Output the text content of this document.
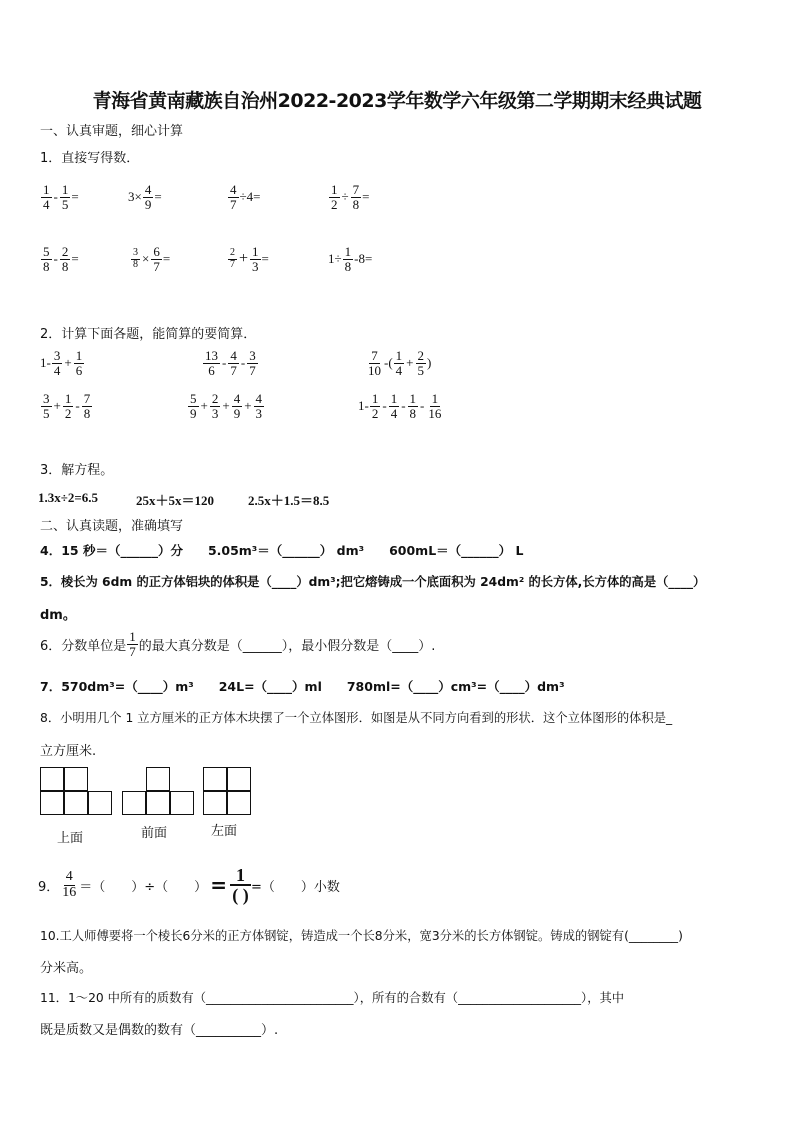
青海省黄南藏族自治州2022-2023学年数学六年级第二学期期末经典试题
一、认真审题，细心计算
1．直接写得数．
$\frac{1}{4} - \frac{1}{5}$ =	$3\times \frac{4}{9}$ =	$\frac{4}{7} \div 4=$	$\frac{1}{2} \div \frac{7}{8}$ =
$\frac{5}{8} - \frac{2}{8}$ =	$\frac{3}{8} \times \frac{6}{7}$ =	$\frac{2}{7} + \frac{1}{3}$ =	$1\div \frac{1}{8} -8=$
2．计算下面各题，能简算的要简算．
$1- \frac{3}{4} + \frac{1}{6}$	$\frac{13}{6} - \frac{4}{7} - \frac{3}{7}$	$\frac{7}{10}$ -( $\frac{1}{4} + \frac{2}{5}$ )
$\frac{3}{5} + \frac{1}{2} - \frac{7}{8}$	$\frac{5}{9} + \frac{2}{3} + \frac{4}{9} + \frac{4}{3}$	$1- \frac{1}{2} - \frac{1}{4} - \frac{1}{8} - \frac{1}{16}$
3．解方程。
1.3x÷2=6.5	25x＋5x＝120	2.5x＋1.5＝8.5
二、认真读题，准确填写
4．15 秒＝（______）分　　5.05m³＝（______） dm³　　600mL＝（______） L
5．棱长为 6dm 的正方体铝块的体积是（____）dm³;把它熔铸成一个底面积为 24dm² 的长方体,长方体的高是（____）
dm。
6．分数单位是 $\frac{1}{7}$ 的最大真分数是（______），最小假分数是（____）.
7．570dm³=（____）m³　　24L=（____）ml　　780ml=（____）cm³=（____）dm³
8．小明用几个 1 立方厘米的正方体木块摆了一个立体图形．如图是从不同方向看到的形状．这个立体图形的体积是_
立方厘米.
上面	前面	左面
9． $\frac{4}{16}$ ＝（　　）÷（　　） = 1
( ) =（　　）小数
10.工人师傅要将一个棱长6分米的正方体钢锭，铸造成一个长8分米，宽3分米的长方体钢锭。铸成的钢锭有(________)
分米高。
11．1～20 中所有的质数有（________________________），所有的合数有（____________________），其中
既是质数又是偶数的数有（__________）.
